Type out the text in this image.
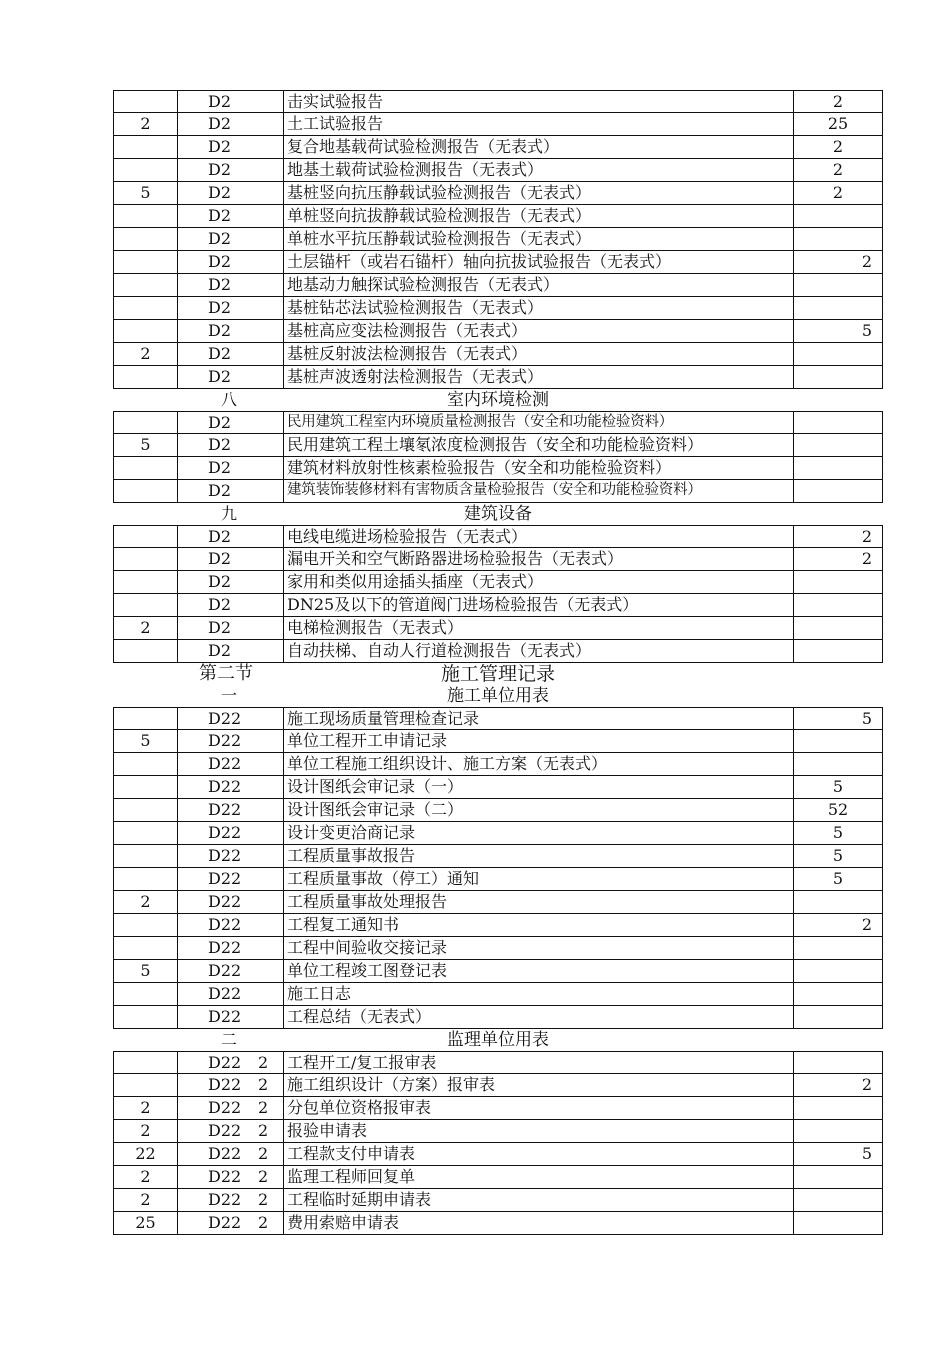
D2	击实试验报告	2
2	D2	土工试验报告	25
D2	复合地基载荷试验检测报告（无表式）	2
D2	地基土载荷试验检测报告（无表式）	2
5	D2	基桩竖向抗压静载试验检测报告（无表式）	2
D2	单桩竖向抗拔静载试验检测报告（无表式）
D2	单桩水平抗压静载试验检测报告（无表式）
D2	土层锚杆（或岩石锚杆）轴向抗拔试验报告（无表式）	2
D2	地基动力触探试验检测报告（无表式）
D2	基桩钻芯法试验检测报告（无表式）
D2	基桩高应变法检测报告（无表式）	5
2	D2	基桩反射波法检测报告（无表式）
D2	基桩声波透射法检测报告（无表式）
室内环境检测
八
D2	民用建筑工程室内环境质量检测报告（安全和功能检验资料）
5	D2	民用建筑工程土壤氡浓度检测报告（安全和功能检验资料）
D2	建筑材料放射性核素检验报告（安全和功能检验资料）
D2	建筑装饰装修材料有害物质含量检验报告（安全和功能检验资料）
建筑设备
九
D2	电线电缆进场检验报告（无表式）	2
D2	漏电开关和空气断路器进场检验报告（无表式）	2
D2	家用和类似用途插头插座（无表式）
D2	DN25及以下的管道阀门进场检验报告（无表式）
2	D2	电梯检测报告（无表式）
D2	自动扶梯、自动人行道检测报告（无表式）
施工管理记录
第二节
施工单位用表
一
D22	施工现场质量管理检查记录	5
5	D22	单位工程开工申请记录
D22	单位工程施工组织设计、施工方案（无表式）
D22	设计图纸会审记录（一）	5
D22	设计图纸会审记录（二）	52
D22	设计变更洽商记录	5
D22	工程质量事故报告	5
D22	工程质量事故（停工）通知	5
2	D22	工程质量事故处理报告
D22	工程复工通知书	2
D22	工程中间验收交接记录
5	D22	单位工程竣工图登记表
D22	施工日志
D22	工程总结（无表式）
监理单位用表
二
D22 2 工程开工/复工报审表
D22 2 施工组织设计（方案）报审表	2
2	D22 2 分包单位资格报审表
2	D22 2 报验申请表
22	D22 2 工程款支付申请表	5
2	D22 2 监理工程师回复单
2	D22 2 工程临时延期申请表
25	D22 2 费用索赔申请表
